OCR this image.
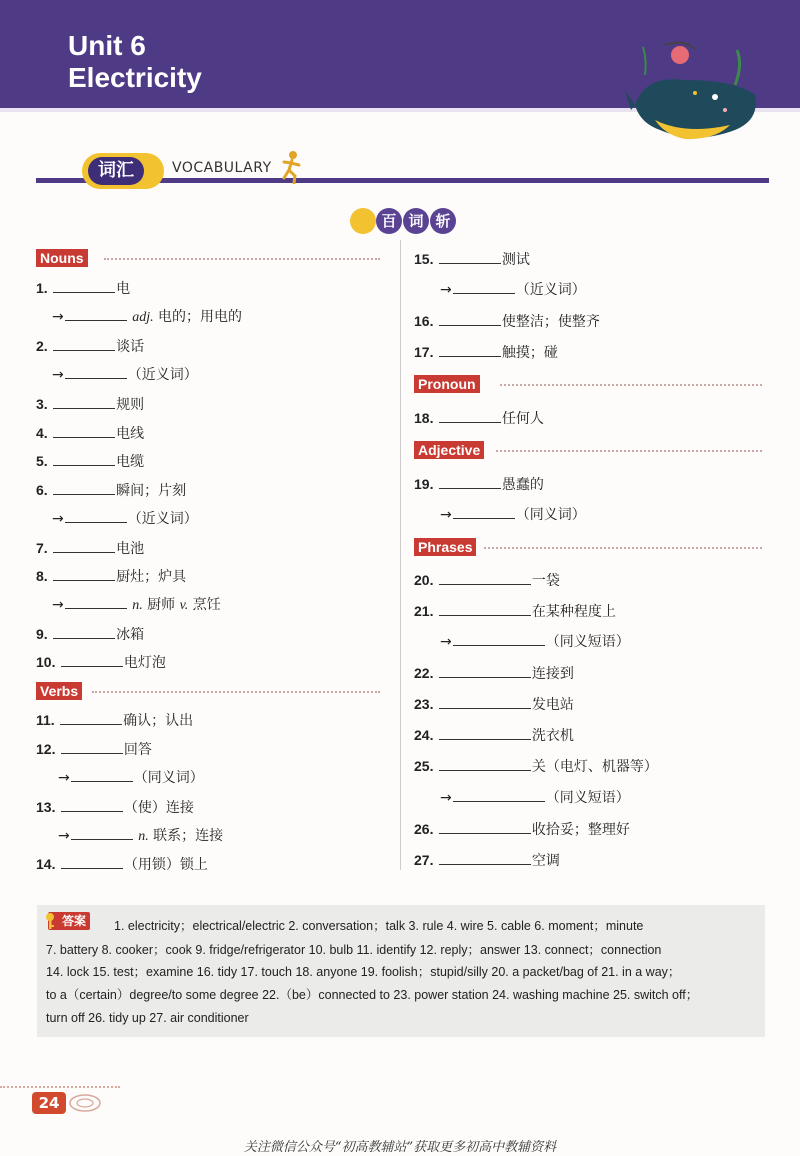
Unit 6
Electricity
词汇	VOCABULARY
百 词 斩
Nouns
1.	电
→	adj. 电的；用电的
2.	谈话
→	（近义词）
3.	规则
4.	电线
5.	电缆
6.	瞬间；片刻
→	（近义词）
7.	电池
8.	厨灶；炉具
→	n. 厨师 v. 烹饪
9.	冰箱
10.	电灯泡
Verbs
11.	确认；认出
12.	回答
→	（同义词）
13.	（使）连接
→	n. 联系；连接
14.	（用锁）锁上
15.	测试
→	（近义词）
16.	使整洁；使整齐
17.	触摸；碰
Pronoun
18.	任何人
Adjective
19.	愚蠢的
→	（同义词）
Phrases
20.	一袋
21.	在某种程度上
→	（同义短语）
22.	连接到
23.	发电站
24.	洗衣机
25.	关（电灯、机器等）
→	（同义短语）
26.	收拾妥；整理好
27.	空调
答案	1. electricity；electrical/electric 2. conversation；talk 3. rule 4. wire 5. cable 6. moment；minute
7. battery 8. cooker；cook 9. fridge/refrigerator 10. bulb 11. identify 12. reply；answer 13. connect；connection
14. lock 15. test；examine 16. tidy 17. touch 18. anyone 19. foolish；stupid/silly 20. a packet/bag of 21. in a way；
to a（certain）degree/to some degree 22.（be）connected to 23. power station 24. washing machine 25. switch off；
turn off 26. tidy up 27. air conditioner
24
关注微信公众号“初高教辅站”获取更多初高中教辅资料
